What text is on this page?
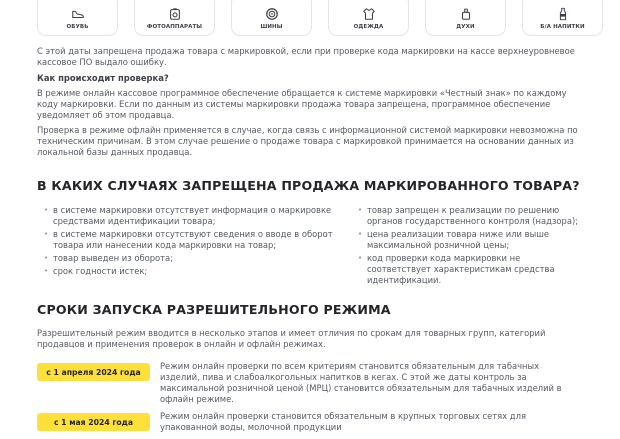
ОБУВЬ	ФОТОАППАРАТЫ	ШИНЫ	ОДЕЖДА	ДУХИ	Б/А НАПИТКИ

С этой даты запрещена продажа товара с маркировкой, если при проверке кода маркировки на кассе верхнеуровневое кассовое ПО выдало ошибку.

Как происходит проверка?

В режиме онлайн кассовое программное обеспечение обращается к системе маркировки «Честный знак» по каждому коду маркировки. Если по данным из системы маркировки продажа товара запрещена, программное обеспечение уведомляет об этом продавца.

Проверка в режиме офлайн применяется в случае, когда связь с информационной системой маркировки невозможна по техническим причинам. В этом случае решение о продаже товара с маркировкой принимается на основании данных из локальной базы данных продавца.

В КАКИХ СЛУЧАЯХ ЗАПРЕЩЕНА ПРОДАЖА МАРКИРОВАННОГО ТОВАРА?
• в системе маркировки отсутствует информация о маркировке средствами идентификации товара;
• в системе маркировки отсутствуют сведения о вводе в оборот товара или нанесении кода маркировки на товар;
• товар выведен из оборота;
• срок годности истек;
• товар запрещен к реализации по решению органов государственного контроля (надзора);
• цена реализации товара ниже или выше максимальной розничной цены;
• код проверки кода маркировки не соответствует характеристикам средства идентификации.
СРОКИ ЗАПУСКА РАЗРЕШИТЕЛЬНОГО РЕЖИМА

Разрешительный режим вводится в несколько этапов и имеет отличия по срокам для товарных групп, категорий продавцов и применения проверок в онлайн и офлайн режимах.

с 1 апреля 2024 года

Режим онлайн проверки по всем критериям становится обязательным для табачных изделий, пива и слабоалкогольных напитков в кегах. С этой же даты контроль за максимальной розничной ценой (МРЦ) становится обязательным для табачных изделий в офлайн режиме.

с 1 мая 2024 года

Режим онлайн проверки становится обязательным в крупных торговых сетях для упакованной воды, молочной продукции
